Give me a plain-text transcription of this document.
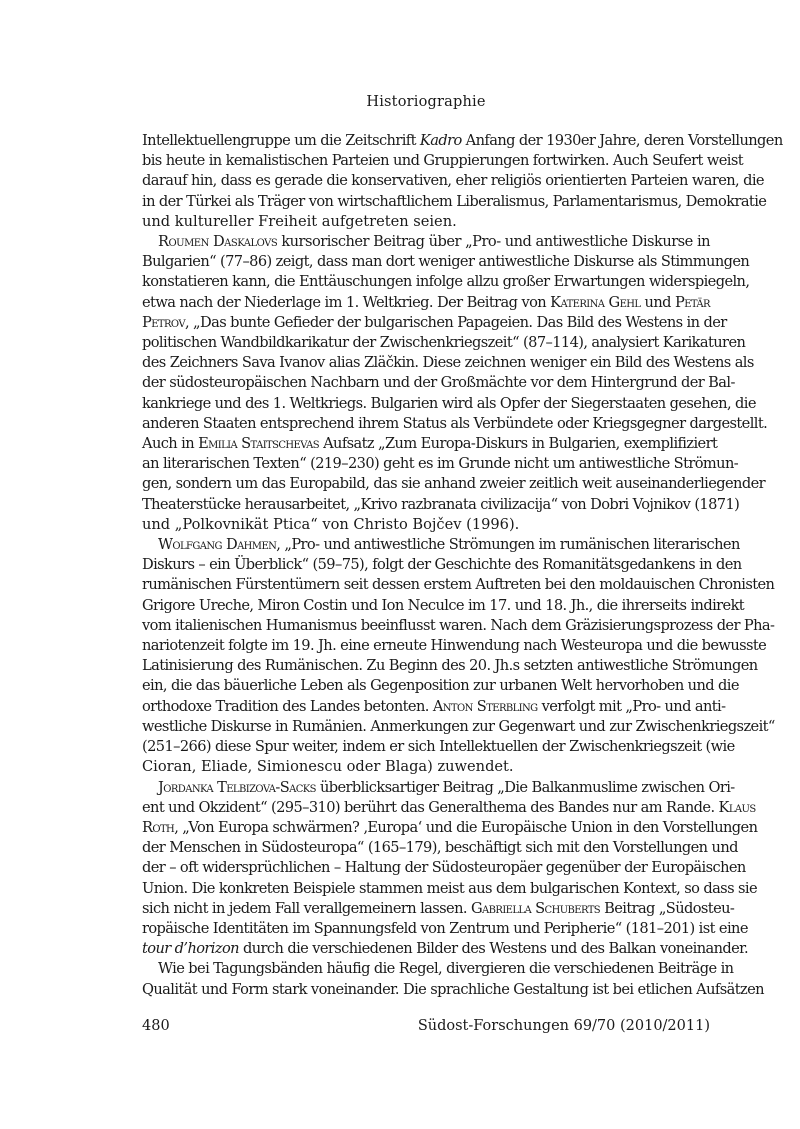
Historiographie
Intellektuellengruppe um die Zeitschrift Kadro Anfang der 1930er Jahre, deren Vorstellungen
bis heute in kemalistischen Parteien und Gruppierungen fortwirken. Auch Seufert weist
darauf hin, dass es gerade die konservativen, eher religiös orientierten Parteien waren, die
in der Türkei als Träger von wirtschaftlichem Liberalismus, Parlamentarismus, Demokratie
und kultureller Freiheit aufgetreten seien.
Roumen Daskalovs kursorischer Beitrag über „Pro- und antiwestliche Diskurse in
Bulgarien“ (77–86) zeigt, dass man dort weniger antiwestliche Diskurse als Stimmungen
konstatieren kann, die Enttäuschungen infolge allzu großer Erwartungen widerspiegeln,
etwa nach der Niederlage im 1. Weltkrieg. Der Beitrag von Katerina Gehl und Petär
Petrov, „Das bunte Gefieder der bulgarischen Papageien. Das Bild des Westens in der
politischen Wandbildkarikatur der Zwischenkriegszeit“ (87–114), analysiert Karikaturen
des Zeichners Sava Ivanov alias Zläčkin. Diese zeichnen weniger ein Bild des Westens als
der südosteuropäischen Nachbarn und der Großmächte vor dem Hintergrund der Bal-
kankriege und des 1. Weltkriegs. Bulgarien wird als Opfer der Siegerstaaten gesehen, die
anderen Staaten entsprechend ihrem Status als Verbündete oder Kriegsgegner dargestellt.
Auch in Emilia Staitschevas Aufsatz „Zum Europa-Diskurs in Bulgarien, exemplifiziert
an literarischen Texten“ (219–230) geht es im Grunde nicht um antiwestliche Strömun-
gen, sondern um das Europabild, das sie anhand zweier zeitlich weit auseinanderliegender
Theaterstücke herausarbeitet, „Krivo razbranata civilizacija“ von Dobri Vojnikov (1871)
und „Polkovnikät Ptica“ von Christo Bojčev (1996).
Wolfgang Dahmen, „Pro- und antiwestliche Strömungen im rumänischen literarischen
Diskurs – ein Überblick“ (59–75), folgt der Geschichte des Romanitätsgedankens in den
rumänischen Fürstentümern seit dessen erstem Auftreten bei den moldauischen Chronisten
Grigore Ureche, Miron Costin und Ion Neculce im 17. und 18. Jh., die ihrerseits indirekt
vom italienischen Humanismus beeinflusst waren. Nach dem Gräzisierungsprozess der Pha-
nariotenzeit folgte im 19. Jh. eine erneute Hinwendung nach Westeuropa und die bewusste
Latinisierung des Rumänischen. Zu Beginn des 20. Jh.s setzten antiwestliche Strömungen
ein, die das bäuerliche Leben als Gegenposition zur urbanen Welt hervorhoben und die
orthodoxe Tradition des Landes betonten. Anton Sterbling verfolgt mit „Pro- und anti-
westliche Diskurse in Rumänien. Anmerkungen zur Gegenwart und zur Zwischenkriegszeit“
(251–266) diese Spur weiter, indem er sich Intellektuellen der Zwischenkriegszeit (wie
Cioran, Eliade, Simionescu oder Blaga) zuwendet.
Jordanka Telbizova-Sacks überblicksartiger Beitrag „Die Balkanmuslime zwischen Ori-
ent und Okzident“ (295–310) berührt das Generalthema des Bandes nur am Rande. Klaus
Roth, „Von Europa schwärmen? ‚Europa‘ und die Europäische Union in den Vorstellungen
der Menschen in Südosteuropa“ (165–179), beschäftigt sich mit den Vorstellungen und
der – oft widersprüchlichen – Haltung der Südosteuropäer gegenüber der Europäischen
Union. Die konkreten Beispiele stammen meist aus dem bulgarischen Kontext, so dass sie
sich nicht in jedem Fall verallgemeinern lassen. Gabriella Schuberts Beitrag „Südosteu-
ropäische Identitäten im Spannungsfeld von Zentrum und Peripherie“ (181–201) ist eine
tour d’horizon durch die verschiedenen Bilder des Westens und des Balkan voneinander.
Wie bei Tagungsbänden häufig die Regel, divergieren die verschiedenen Beiträge in
Qualität und Form stark voneinander. Die sprachliche Gestaltung ist bei etlichen Aufsätzen
480	Südost-Forschungen 69/70 (2010/2011)
